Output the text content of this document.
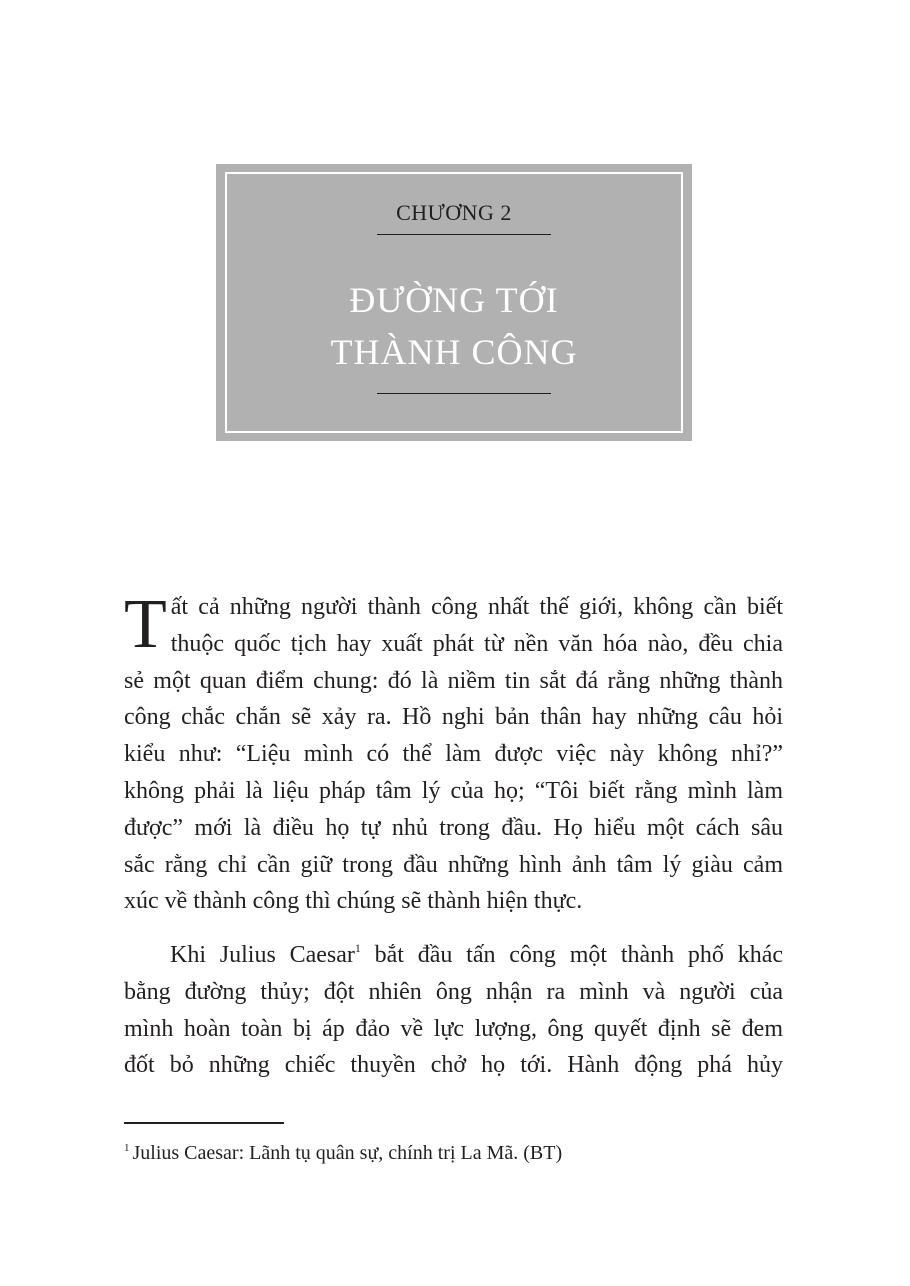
CHƯƠNG 2
ĐƯỜNG TỚI
THÀNH CÔNG
T ất cả những người thành công nhất thế giới, không cần biết
thuộc quốc tịch hay xuất phát từ nền văn hóa nào, đều chia
sẻ một quan điểm chung: đó là niềm tin sắt đá rằng những thành
công chắc chắn sẽ xảy ra. Hồ nghi bản thân hay những câu hỏi
kiểu như: “Liệu mình có thể làm được việc này không nhỉ?”
không phải là liệu pháp tâm lý của họ; “Tôi biết rằng mình làm
được” mới là điều họ tự nhủ trong đầu. Họ hiểu một cách sâu
sắc rằng chỉ cần giữ trong đầu những hình ảnh tâm lý giàu cảm
xúc về thành công thì chúng sẽ thành hiện thực.
Khi Julius Caesar$^1$ bắt đầu tấn công một thành phố khác
bằng đường thủy; đột nhiên ông nhận ra mình và người của
mình hoàn toàn bị áp đảo về lực lượng, ông quyết định sẽ đem
đốt bỏ những chiếc thuyền chở họ tới. Hành động phá hủy
$^1$ Julius Caesar: Lãnh tụ quân sự, chính trị La Mã. (BT)
